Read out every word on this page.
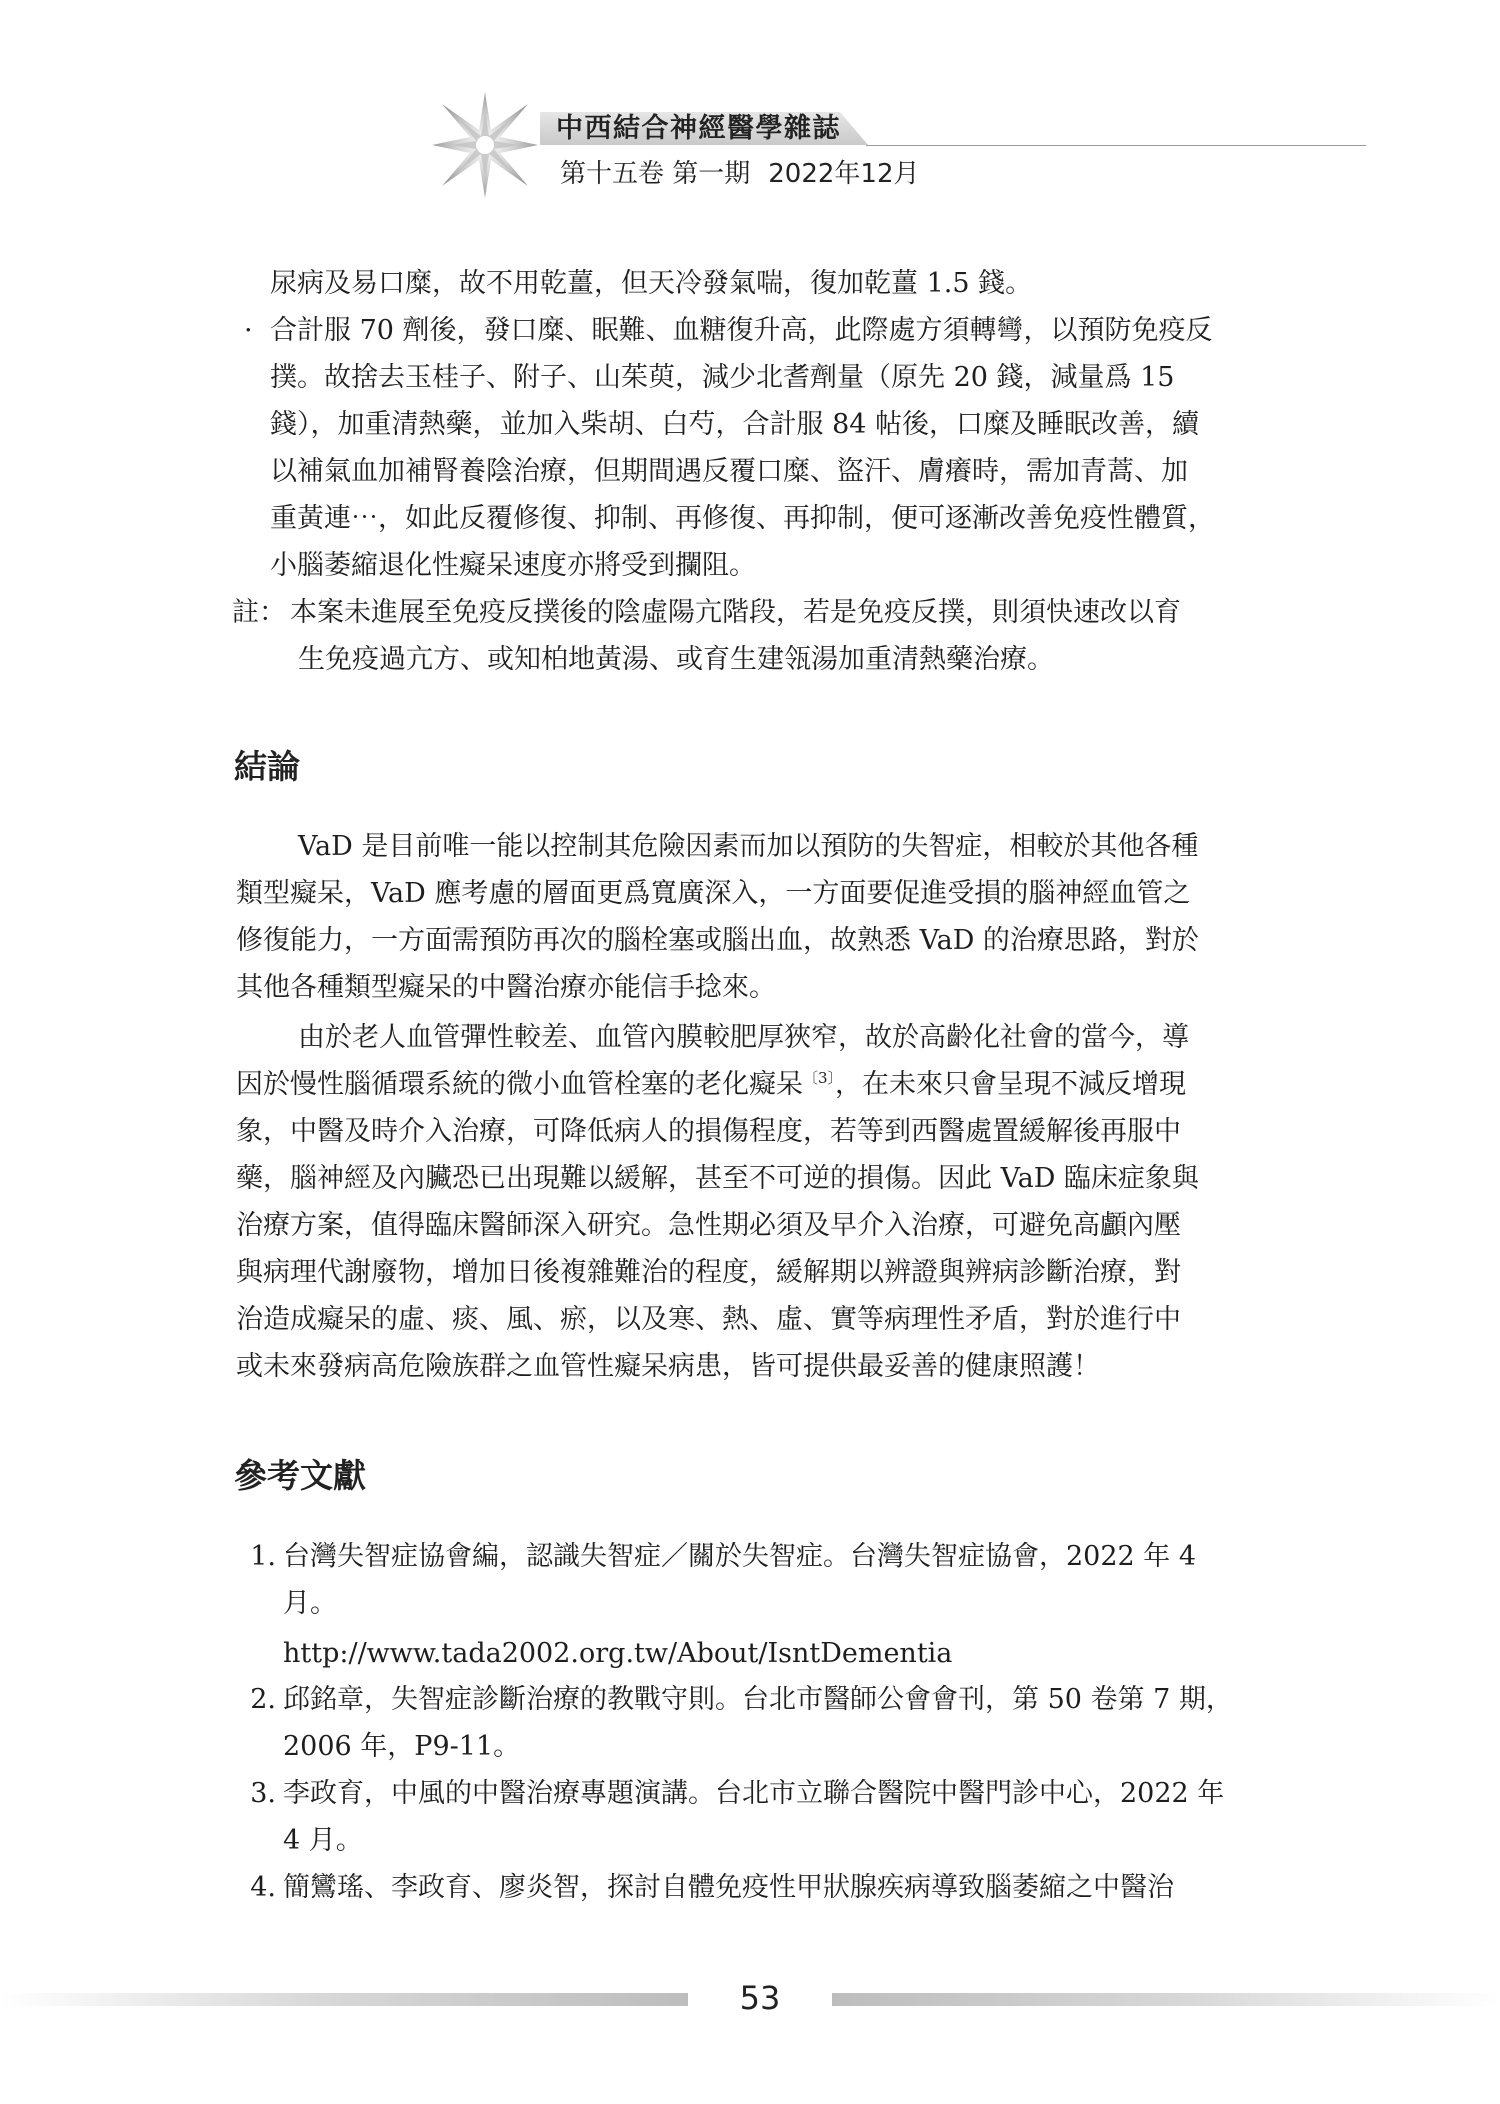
中西結合神經醫學雜誌
第十五卷 第一期 2022年12月
尿病及易口糜，故不用乾薑，但天冷發氣喘，復加乾薑 1.5 錢。
· 合計服 70 劑後，發口糜、眠難、血糖復升高，此際處方須轉彎，以預防免疫反
撲。故捨去玉桂子、附子、山茱萸，減少北耆劑量（原先 20 錢，減量爲 15
錢），加重清熱藥，並加入柴胡、白芍，合計服 84 帖後，口糜及睡眠改善，續
以補氣血加補腎養陰治療，但期間遇反覆口糜、盜汗、膚癢時，需加青蒿、加
重黃連⋯，如此反覆修復、抑制、再修復、再抑制，便可逐漸改善免疫性體質，
小腦萎縮退化性癡呆速度亦將受到攔阻。
註： 本案未進展至免疫反撲後的陰虛陽亢階段，若是免疫反撲，則須快速改以育
生免疫過亢方、或知柏地黃湯、或育生建瓴湯加重清熱藥治療。
結論
VaD 是目前唯一能以控制其危險因素而加以預防的失智症，相較於其他各種
類型癡呆，VaD 應考慮的層面更爲寬廣深入，一方面要促進受損的腦神經血管之
修復能力，一方面需預防再次的腦栓塞或腦出血，故熟悉 VaD 的治療思路，對於
其他各種類型癡呆的中醫治療亦能信手捻來。
由於老人血管彈性較差、血管內膜較肥厚狹窄，故於高齡化社會的當今，導
因於慢性腦循環系統的微小血管栓塞的老化癡呆$^{〔3〕}$，在未來只會呈現不減反增現
象，中醫及時介入治療，可降低病人的損傷程度，若等到西醫處置緩解後再服中
藥，腦神經及內臟恐已出現難以緩解，甚至不可逆的損傷。因此 VaD 臨床症象與
治療方案，值得臨床醫師深入研究。急性期必須及早介入治療，可避免高顱內壓
與病理代謝廢物，增加日後複雜難治的程度，緩解期以辨證與辨病診斷治療，對
治造成癡呆的虛、痰、風、瘀，以及寒、熱、虛、實等病理性矛盾，對於進行中
或未來發病高危險族群之血管性癡呆病患，皆可提供最妥善的健康照護！
參考文獻
1. 台灣失智症協會編，認識失智症／關於失智症。台灣失智症協會，2022 年 4
月。
http://www.tada2002.org.tw/About/IsntDementia
2. 邱銘章，失智症診斷治療的教戰守則。台北市醫師公會會刊，第 50 卷第 7 期，
2006 年，P9-11。
3. 李政育，中風的中醫治療專題演講。台北市立聯合醫院中醫門診中心，2022 年
4 月。
4. 簡鸞瑤、李政育、廖炎智，探討自體免疫性甲狀腺疾病導致腦萎縮之中醫治
53
